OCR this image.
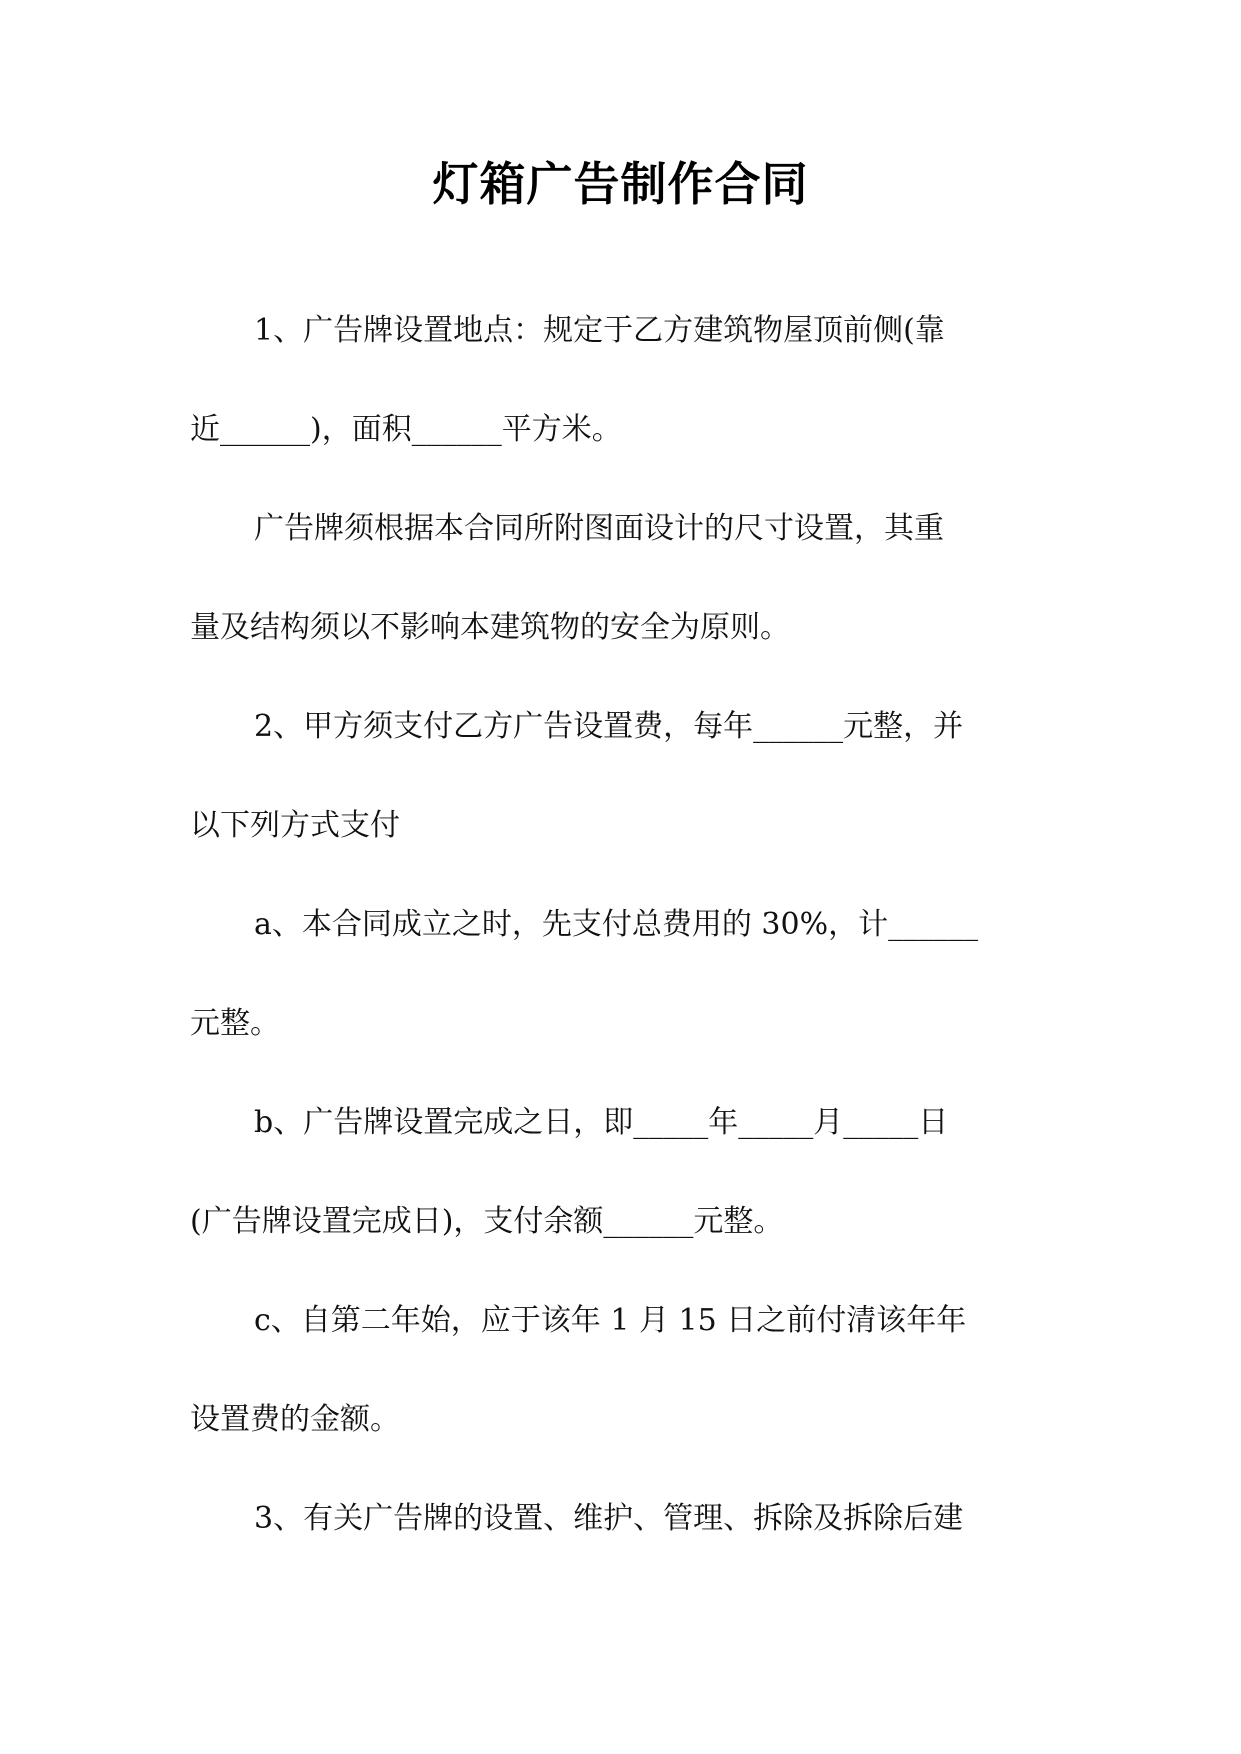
灯箱广告制作合同
1、广告牌设置地点：规定于乙方建筑物屋顶前侧(靠
近______)，面积______平方米。
广告牌须根据本合同所附图面设计的尺寸设置，其重
量及结构须以不影响本建筑物的安全为原则。
2、甲方须支付乙方广告设置费，每年______元整，并
以下列方式支付
a、本合同成立之时，先支付总费用的 30%，计______
元整。
b、广告牌设置完成之日，即_____年_____月_____日
(广告牌设置完成日)，支付余额______元整。
c、自第二年始，应于该年 1 月 15 日之前付清该年年
设置费的金额。
3、有关广告牌的设置、维护、管理、拆除及拆除后建
